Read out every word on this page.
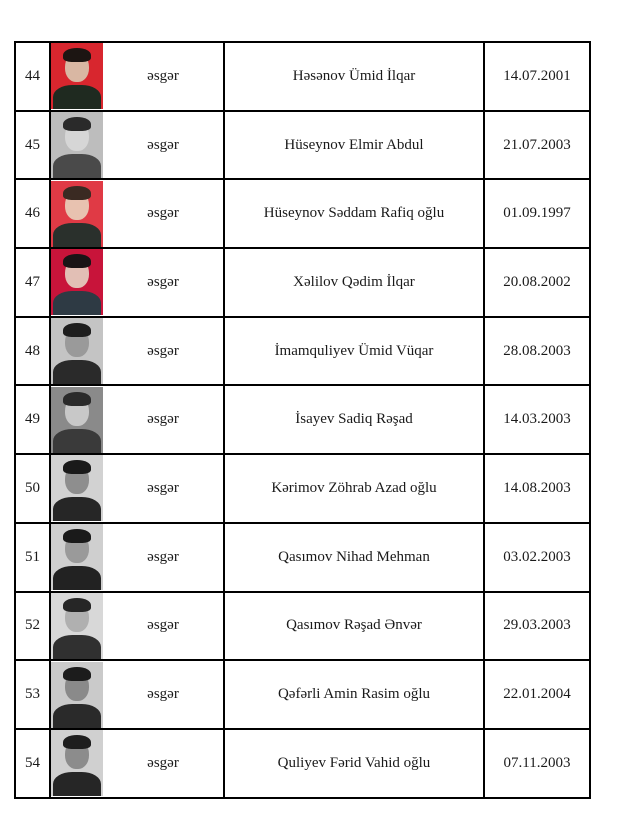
44		əsgər	Həsənov Ümid İlqar	14.07.2001
45		əsgər	Hüseynov Elmir Abdul	21.07.2003
46		əsgər	Hüseynov Səddam Rafiq oğlu	01.09.1997
47		əsgər	Xəlilov Qədim İlqar	20.08.2002
48		əsgər	İmamquliyev Ümid Vüqar	28.08.2003
49		əsgər	İsayev Sadiq Rəşad	14.03.2003
50		əsgər	Kərimov Zöhrab Azad oğlu	14.08.2003
51		əsgər	Qasımov Nihad Mehman	03.02.2003
52		əsgər	Qasımov Rəşad Ənvər	29.03.2003
53		əsgər	Qəfərli Amin Rasim oğlu	22.01.2004
54		əsgər	Quliyev Fərid Vahid oğlu	07.11.2003
